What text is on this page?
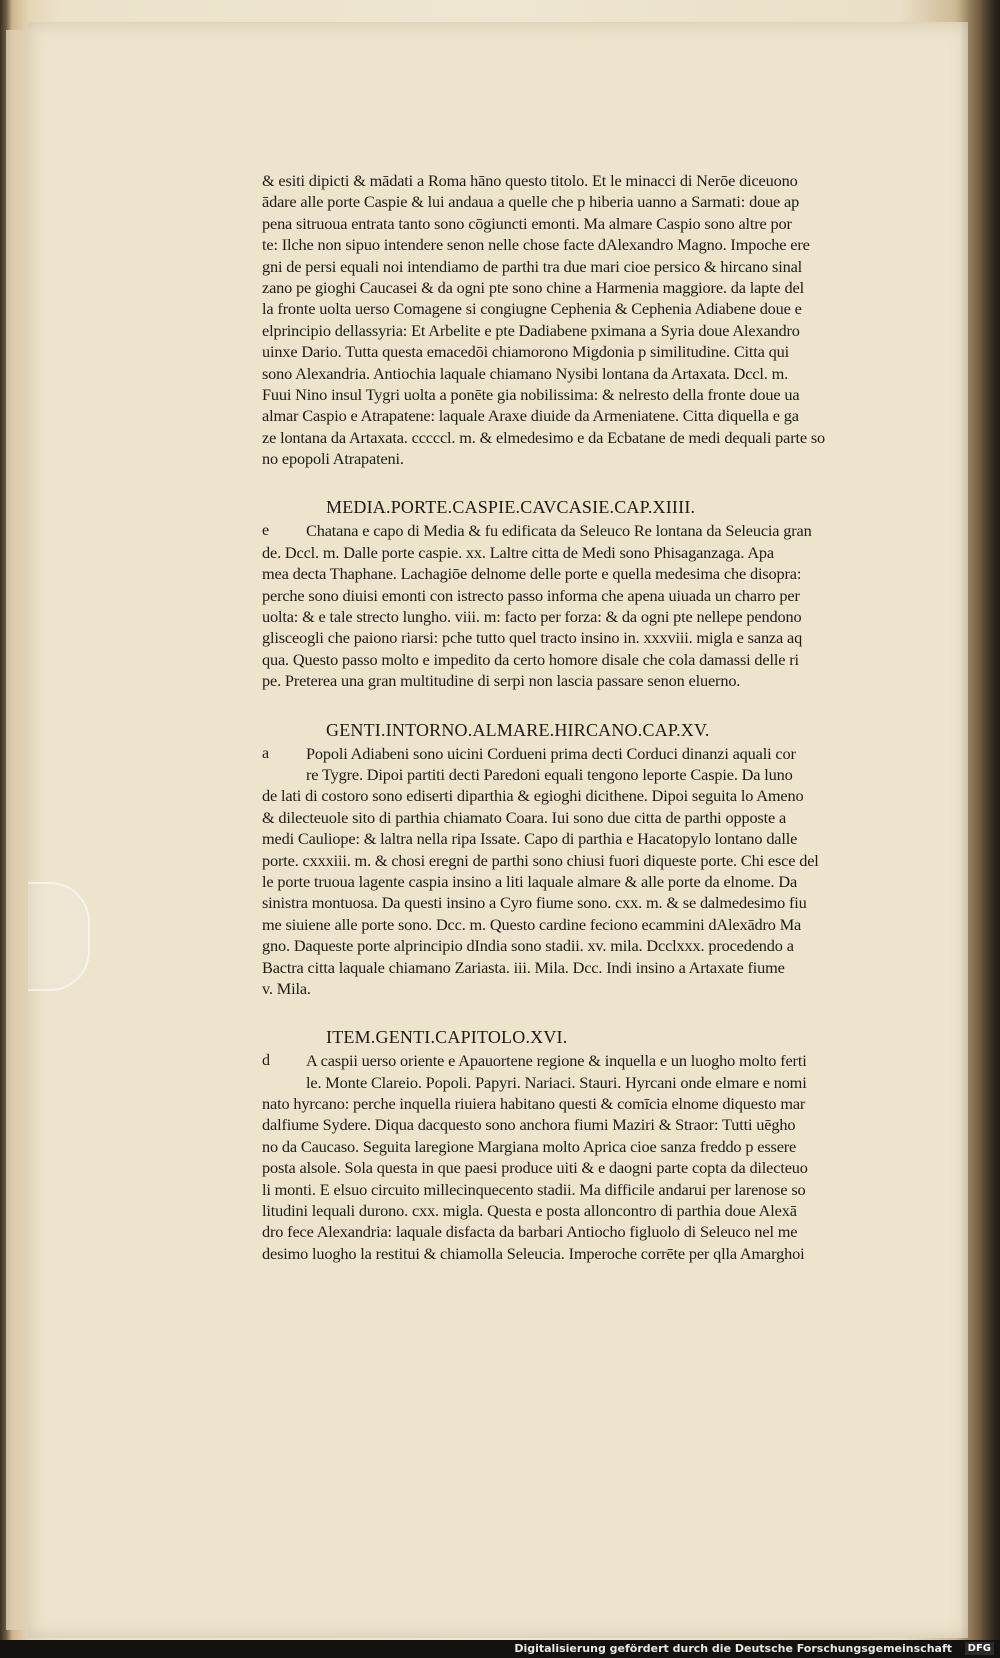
& esiti dipicti & mādati a Roma hāno questo titolo. Et le minacci di Nerōe diceuono
ādare alle porte Caspie & lui andaua a quelle che p hiberia uanno a Sarmati: doue ap
pena sitruoua entrata tanto sono cōgiuncti emonti. Ma almare Caspio sono altre por
te: Ilche non sipuo intendere senon nelle chose facte dAlexandro Magno. Impoche ere
gni de persi equali noi intendiamo de parthi tra due mari cioe persico & hircano sinal
zano pe gioghi Caucasei & da ogni pte sono chine a Harmenia maggiore. da lapte del
la fronte uolta uerso Comagene si congiugne Cephenia & Cephenia Adiabene doue e
elprincipio dellassyria: Et Arbelite e pte Dadiabene pximana a Syria doue Alexandro
uinxe Dario. Tutta questa emacedōi chiamorono Migdonia p similitudine. Citta qui
sono Alexandria. Antiochia laquale chiamano Nysibi lontana da Artaxata. Dccl. m.
Fuui Nino insul Tygri uolta a ponēte gia nobilissima: & nelresto della fronte doue ua
almar Caspio e Atrapatene: laquale Araxe diuide da Armeniatene. Citta diquella e ga
ze lontana da Artaxata. cccccl. m. & elmedesimo e da Ecbatane de medi dequali parte so
no epopoli Atrapateni.
MEDIA.PORTE.CASPIE.CAVCASIE.CAP.XIIII.
e	Chatana e capo di Media & fu edificata da Seleuco Re lontana da Seleucia gran
de. Dccl. m. Dalle porte caspie. xx. Laltre citta de Medi sono Phisaganzaga. Apa
mea decta Thaphane. Lachagiōe delnome delle porte e quella medesima che disopra:
perche sono diuisi emonti con istrecto passo informa che apena uiuada un charro per
uolta: & e tale strecto lungho. viii. m: facto per forza: & da ogni pte nellepe pendono
glisceogli che paiono riarsi: pche tutto quel tracto insino in. xxxviii. migla e sanza aq
qua. Questo passo molto e impedito da certo homore disale che cola damassi delle ri
pe. Preterea una gran multitudine di serpi non lascia passare senon eluerno.
GENTI.INTORNO.ALMARE.HIRCANO.CAP.XV.
a	Popoli Adiabeni sono uicini Cordueni prima decti Corduci dinanzi aquali cor
re Tygre. Dipoi partiti decti Paredoni equali tengono leporte Caspie. Da luno
de lati di costoro sono ediserti diparthia & egioghi dicithene. Dipoi seguita lo Ameno
& dilecteuole sito di parthia chiamato Coara. Iui sono due citta de parthi opposte a
medi Cauliope: & laltra nella ripa Issate. Capo di parthia e Hacatopylo lontano dalle
porte. cxxxiii. m. & chosi eregni de parthi sono chiusi fuori diqueste porte. Chi esce del
le porte truoua lagente caspia insino a liti laquale almare & alle porte da elnome. Da
sinistra montuosa. Da questi insino a Cyro fiume sono. cxx. m. & se dalmedesimo fiu
me siuiene alle porte sono. Dcc. m. Questo cardine feciono ecammini dAlexādro Ma
gno. Daqueste porte alprincipio dIndia sono stadii. xv. mila. Dcclxxx. procedendo a
Bactra citta laquale chiamano Zariasta. iii. Mila. Dcc. Indi insino a Artaxate fiume
v. Mila.
ITEM.GENTI.CAPITOLO.XVI.
d	A caspii uerso oriente e Apauortene regione & inquella e un luogho molto ferti
le. Monte Clareio. Popoli. Papyri. Nariaci. Stauri. Hyrcani onde elmare e nomi
nato hyrcano: perche inquella riuiera habitano questi & comīcia elnome diquesto mar
dalfiume Sydere. Diqua dacquesto sono anchora fiumi Maziri & Straor: Tutti uēgho
no da Caucaso. Seguita laregione Margiana molto Aprica cioe sanza freddo p essere
posta alsole. Sola questa in que paesi produce uiti & e daogni parte copta da dilecteuo
li monti. E elsuo circuito millecinquecento stadii. Ma difficile andarui per larenose so
litudini lequali durono. cxx. migla. Questa e posta alloncontro di parthia doue Alexā
dro fece Alexandria: laquale disfacta da barbari Antiocho figluolo di Seleuco nel me
desimo luogho la restitui & chiamolla Seleucia. Imperoche corrēte per qlla Amarghoi
Digitalisierung gefördert durch die Deutsche Forschungsgemeinschaft	DFG
